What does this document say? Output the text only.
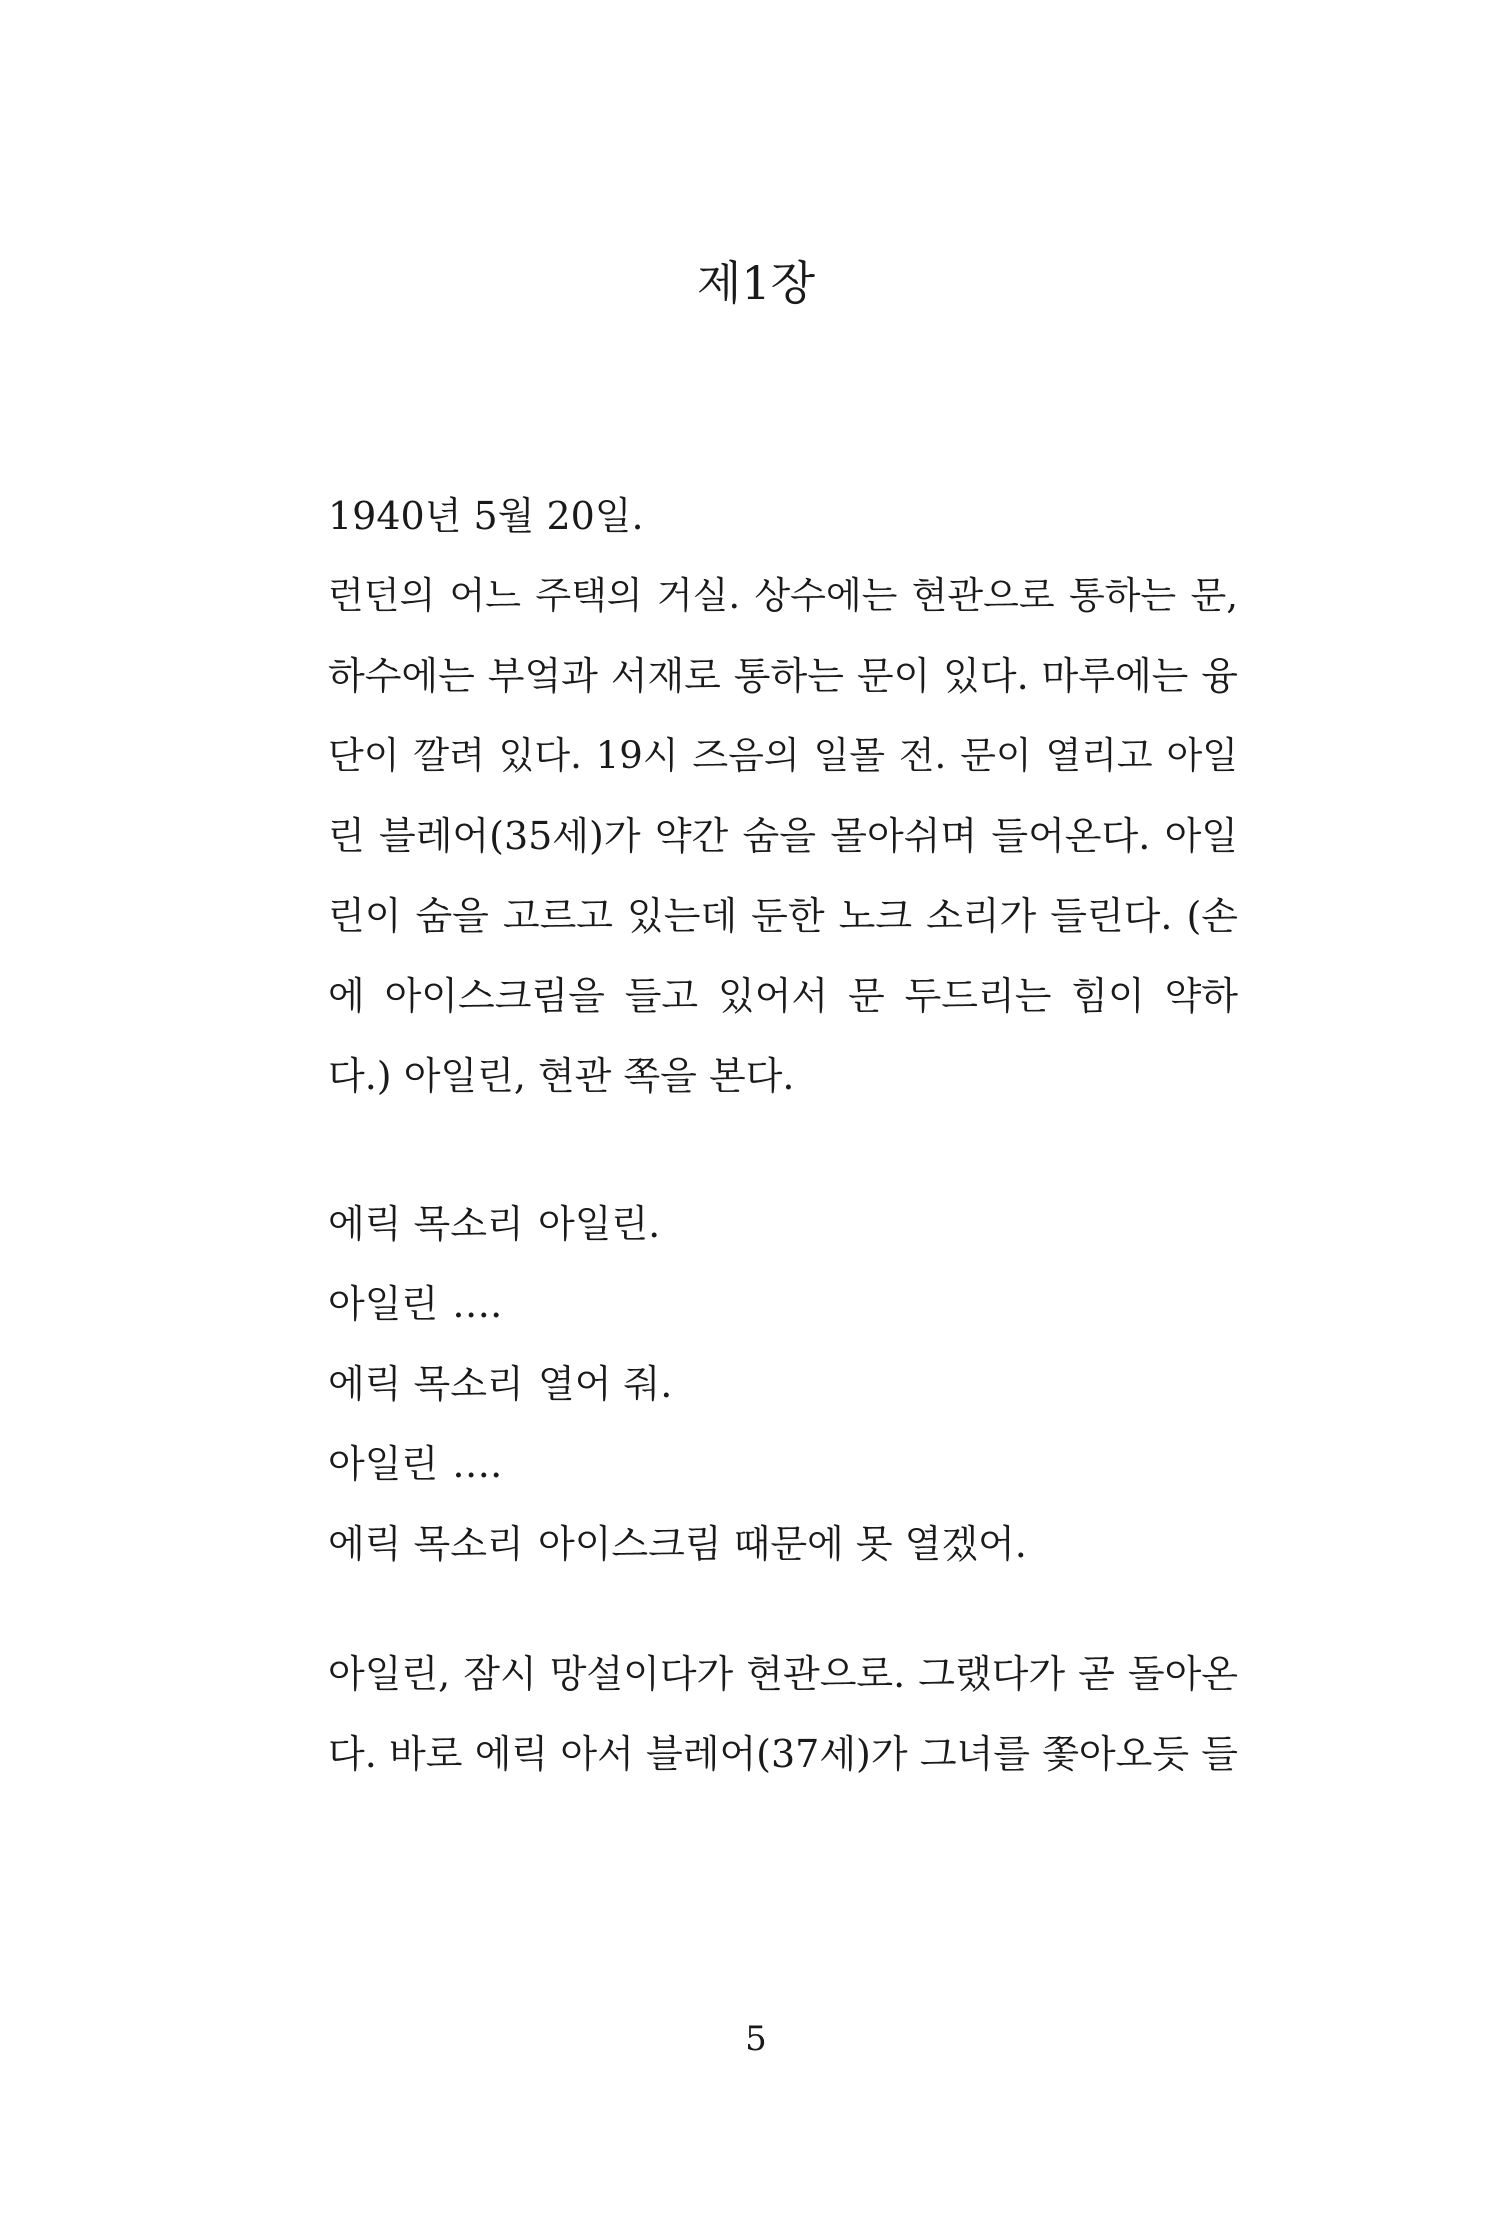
제1장
1940년 5월 20일.
런던의 어느 주택의 거실. 상수에는 현관으로 통하는 문,
하수에는 부엌과 서재로 통하는 문이 있다. 마루에는 융
단이 깔려 있다. 19시 즈음의 일몰 전. 문이 열리고 아일
린 블레어(35세)가 약간 숨을 몰아쉬며 들어온다. 아일
린이 숨을 고르고 있는데 둔한 노크 소리가 들린다. (손
에 아이스크림을 들고 있어서 문 두드리는 힘이 약하
다.) 아일린, 현관 쪽을 본다.
에릭 목소리 아일린.
아일린 ….
에릭 목소리 열어 줘.
아일린 ….
에릭 목소리 아이스크림 때문에 못 열겠어.
아일린, 잠시 망설이다가 현관으로. 그랬다가 곧 돌아온
다. 바로 에릭 아서 블레어(37세)가 그녀를 쫓아오듯 들
5
